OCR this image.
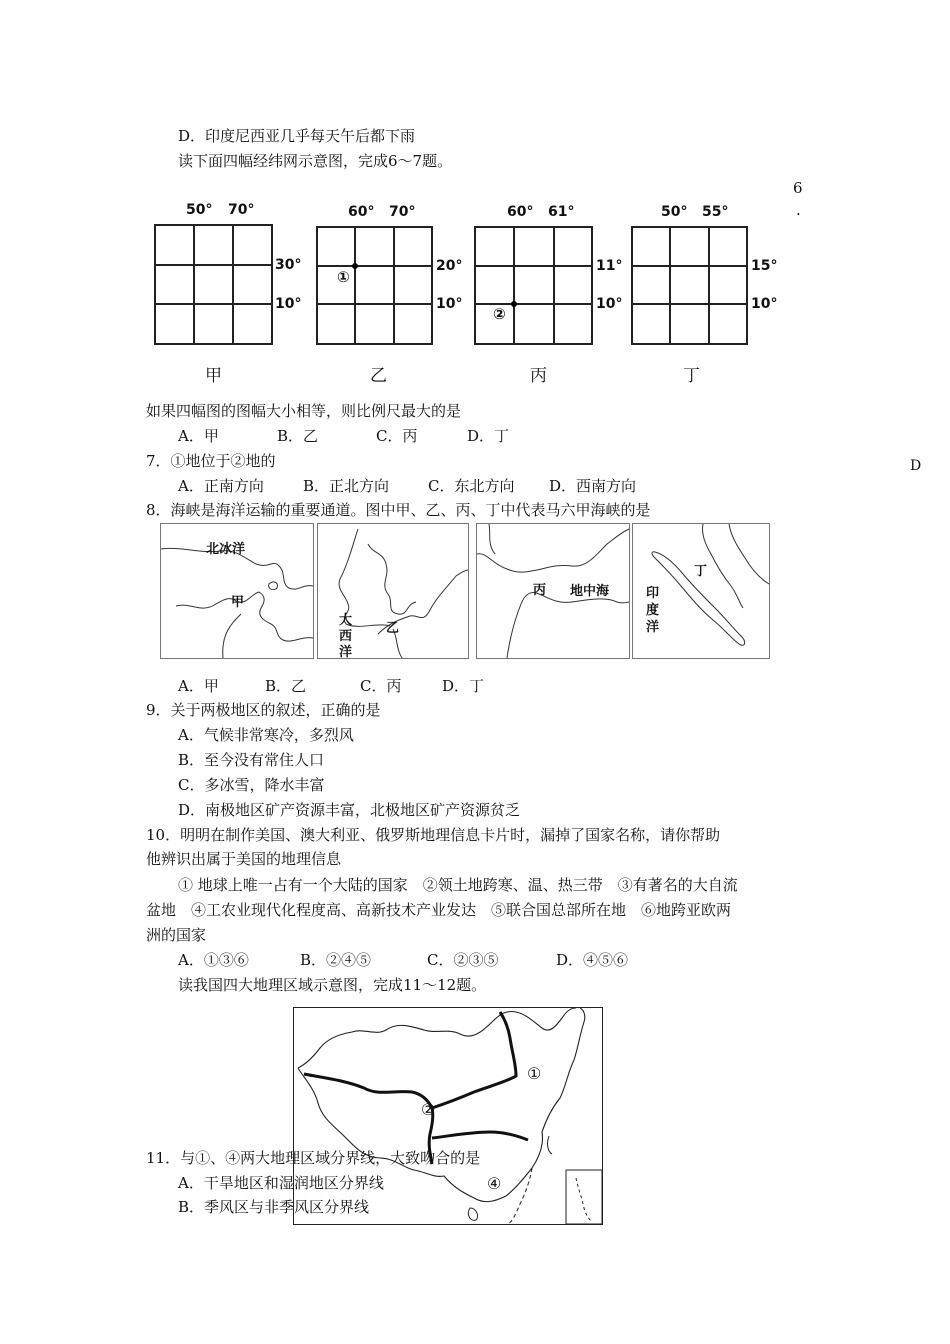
D．印度尼西亚几乎每天午后都下雨
读下面四幅经纬网示意图，完成6～7题。
6
.
50° 70°
30°
10°
甲
60° 70°
①
20°
10°
乙
60° 61°
②
11°
10°
丙
50° 55°
15°
10°
丁
如果四幅图的图幅大小相等，则比例尺最大的是
A．甲	B．乙	C．丙	D．丁
D
7．①地位于②地的
A．正南方向	B．正北方向	C．东北方向 D．西南方向
8．海峡是海洋运输的重要通道。图中甲、乙、丙、丁中代表马六甲海峡的是
北冰洋
甲
大
西
洋
乙
丙 地中海	印
度
洋
丁
A．甲	B．乙	C．丙	D．丁
9．关于两极地区的叙述，正确的是
A．气候非常寒冷，多烈风
B．至今没有常住人口
C．多冰雪，降水丰富
D．南极地区矿产资源丰富，北极地区矿产资源贫乏
10．明明在制作美国、澳大利亚、俄罗斯地理信息卡片时，漏掉了国家名称，请你帮助
他辨识出属于美国的地理信息
① 地球上唯一占有一个大陆的国家　②领土地跨寒、温、热三带　③有著名的大自流
盆地　④工农业现代化程度高、高新技术产业发达　⑤联合国总部所在地　⑥地跨亚欧两
洲的国家
A．①③⑥	B．②④⑤	C．②③⑤	D．④⑤⑥
读我国四大地理区域示意图，完成11～12题。
①
②
④
11．与①、④两大地理区域分界线，大致吻合的是
A．干旱地区和湿润地区分界线
B．季风区与非季风区分界线
